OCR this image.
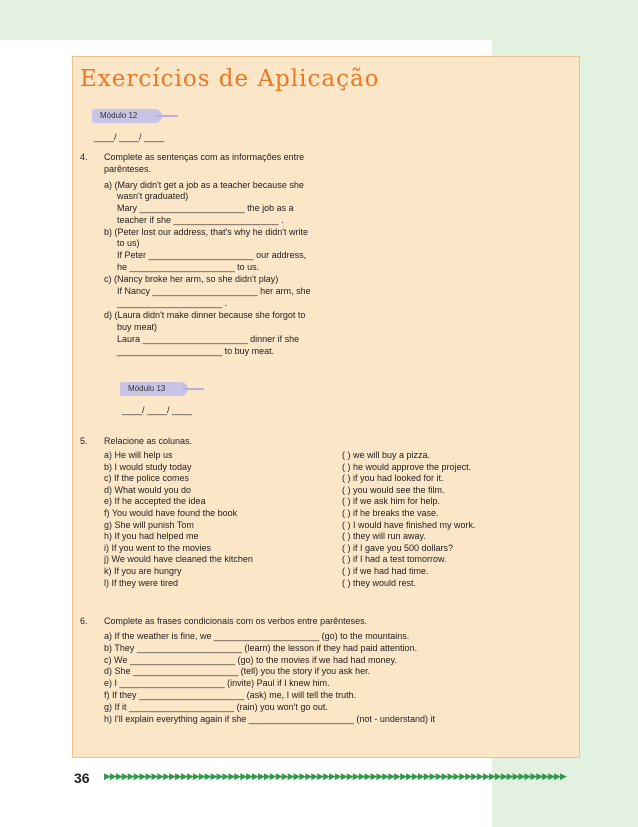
Exercícios de Aplicação
Módulo 12
____/ ____/ ____
4. Complete as sentenças com as informações entre
parênteses.
a) (Mary didn't get a job as a teacher because she
wasn't graduated)
Mary _____________________ the job as a
teacher if she _____________________ .
b) (Peter lost our address, that's why he didn't write
to us)
If Peter _____________________ our address,
he _____________________ to us.
c) (Nancy broke her arm, so she didn't play)
If Nancy _____________________ her arm, she
_____________________ .
d) (Laura didn't make dinner because she forgot to
buy meat)
Laura _____________________ dinner if she
_____________________ to buy meat.
Módulo 13
____/ ____/ ____
5. Relacione as colunas.
a) He will help us
b) I would study today
c) If the police comes
d) What would you do
e) If he accepted the idea
f) You would have found the book
g) She will punish Tom
h) If you had helped me
i) If you went to the movies
j) We would have cleaned the kitchen
k) If you are hungry
l) If they were tired
( ) we will buy a pizza.
( ) he would approve the project.
( ) if you had looked for it.
( ) you would see the film.
( ) if we ask him for help.
( ) if he breaks the vase.
( ) I would have finished my work.
( ) they will run away.
( ) if I gave you 500 dollars?
( ) if I had a test tomorrow.
( ) if we had had time.
( ) they would rest.
6. Complete as frases condicionais com os verbos entre parênteses.
a) If the weather is fine, we _____________________ (go) to the mountains.
b) They _____________________ (learn) the lesson if they had paid attention.
c) We _____________________ (go) to the movies if we had had money.
d) She _____________________ (tell) you the story if you ask her.
e) I _____________________ (invite) Paul if I knew him.
f) If they _____________________ (ask) me, I will tell the truth.
g) If it _____________________ (rain) you won't go out.
h) I'll explain everything again if she _____________________ (not - understand) it
36 ▶▶▶▶▶▶▶▶▶▶▶▶▶▶▶▶▶▶▶▶▶▶▶▶▶▶▶▶▶▶▶▶▶▶▶▶▶▶▶▶▶▶▶▶▶▶▶▶▶▶▶▶▶▶▶▶▶▶▶▶▶▶▶▶▶▶▶▶▶▶▶▶▶▶▶▶▶▶
